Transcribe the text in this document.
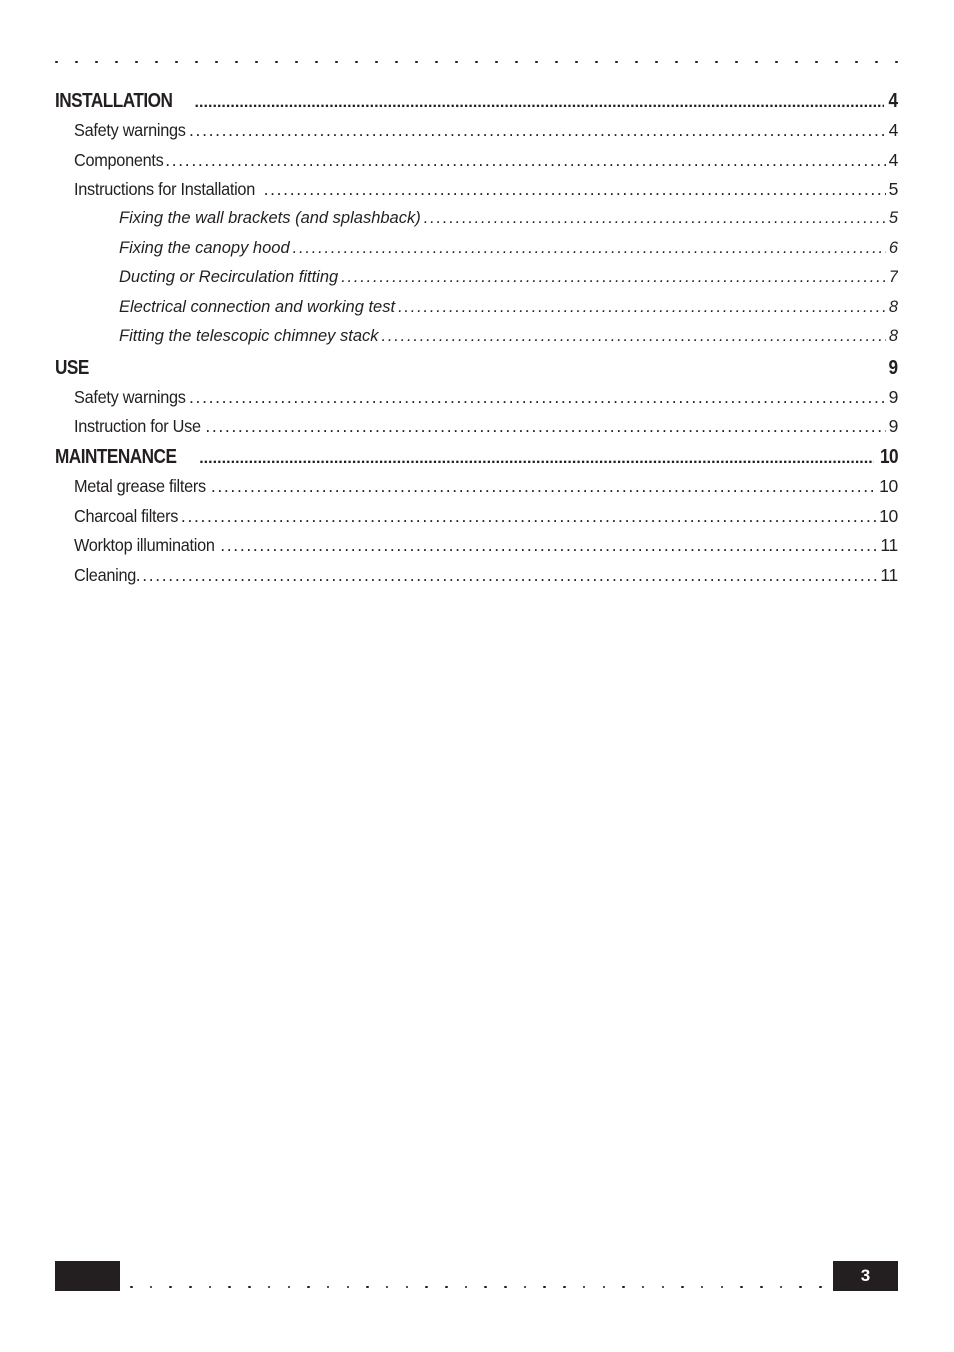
INSTALLATION . . .	4
Safety warnings . . .	4
Components . . .	4
Instructions for Installation . . .	5
Fixing the wall brackets (and splashback) . . .	5
Fixing the canopy hood . . .	6
Ducting or Recirculation fitting . . .	7
Electrical connection and working test . . .	8
Fitting the telescopic chimney stack . . .	8
USE	9
Safety warnings . . .	9
Instruction for Use . . .	9
MAINTENANCE . . .	10
Metal grease filters . . .	10
Charcoal filters . . .	10
Worktop illumination . . .	11
Cleaning . . .	11
3
